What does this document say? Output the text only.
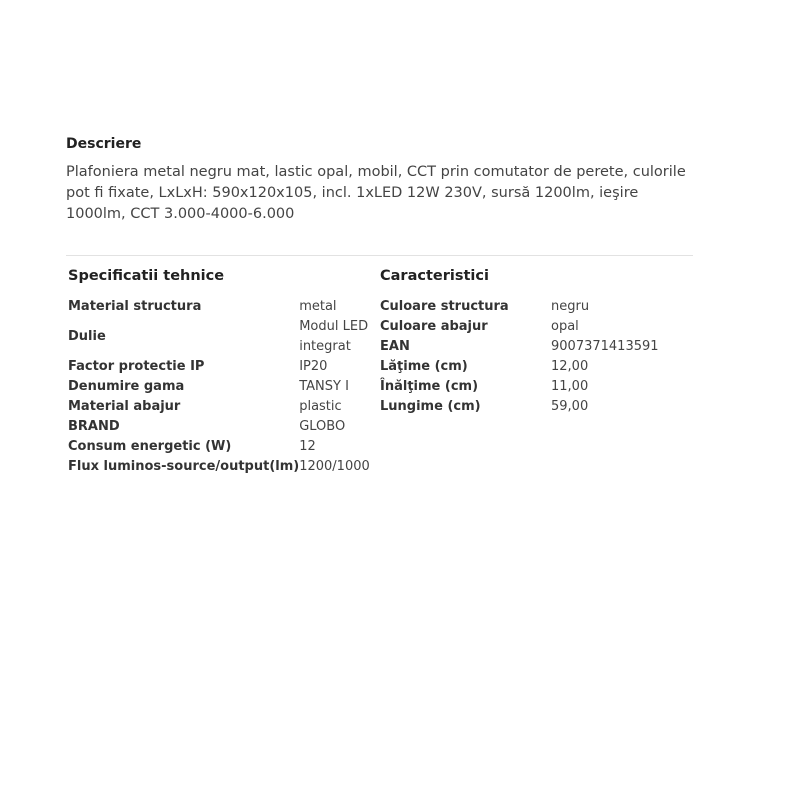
Descriere

Plafoniera metal negru mat, lastic opal, mobil, CCT prin comutator de perete, culorile pot fi fixate, LxLxH: 590x120x105, incl. 1xLED 12W 230V, sursă 1200lm, ieşire 1000lm, CCT 3.000-4000-6.000

Specificatii tehnice	Caracteristici
Material structura	metal
Dulie	Modul LED integrat
Factor protectie IP	IP20
Denumire gama	TANSY I
Material abajur	plastic
BRAND	GLOBO
Consum energetic (W)	12
Flux luminos-source/output(lm)	1200/1000
Culoare structura	negru
Culoare abajur	opal
EAN	9007371413591
Lăţime (cm)	12,00
Înălţime (cm)	11,00
Lungime (cm)	59,00
